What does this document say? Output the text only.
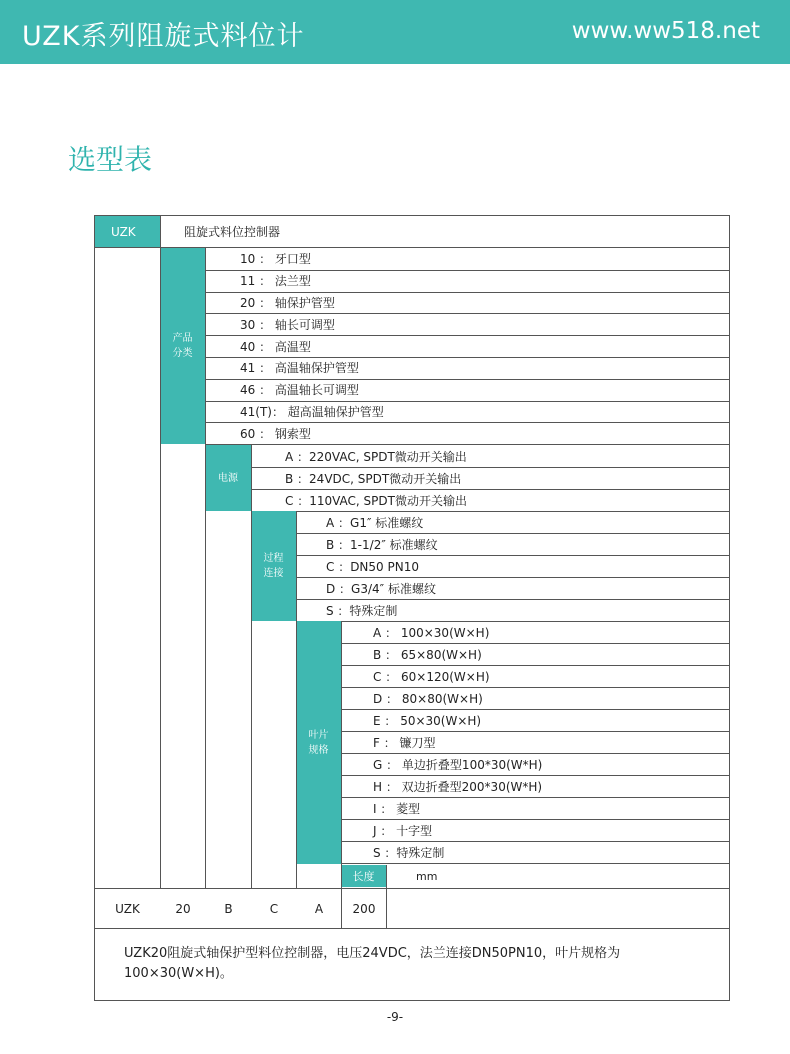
UZK系列阻旋式料位计	www.ww518.net
选型表
UZK	阻旋式料位控制器
产品分类
10 ： 牙口型
11 ： 法兰型
20 ： 轴保护管型
30 ： 轴长可调型
40 ： 高温型
41 ： 高温轴保护管型
46 ： 高温轴长可调型
41(T)： 超高温轴保护管型
60 ： 钢索型
电源
A ：220VAC, SPDT微动开关输出
B ：24VDC, SPDT微动开关输出
C ：110VAC, SPDT微动开关输出
过程连接
A ：G1″ 标准螺纹
B ：1-1/2″ 标准螺纹
C ：DN50 PN10
D ：G3/4″ 标准螺纹
S ：特殊定制
叶片规格
A ： 100×30(W×H)
B ： 65×80(W×H)
C ： 60×120(W×H)
D ： 80×80(W×H)
E ： 50×30(W×H)
F ： 镰刀型
G ： 单边折叠型100*30(W*H)
H ： 双边折叠型200*30(W*H)
I ： 菱型
J ： 十字型
S ：特殊定制
长度	mm
UZK	20	B	C	A 200
UZK20阻旋式轴保护型料位控制器，电压24VDC，法兰连接DN50PN10，叶片规格为100×30(W×H)。
-9-
